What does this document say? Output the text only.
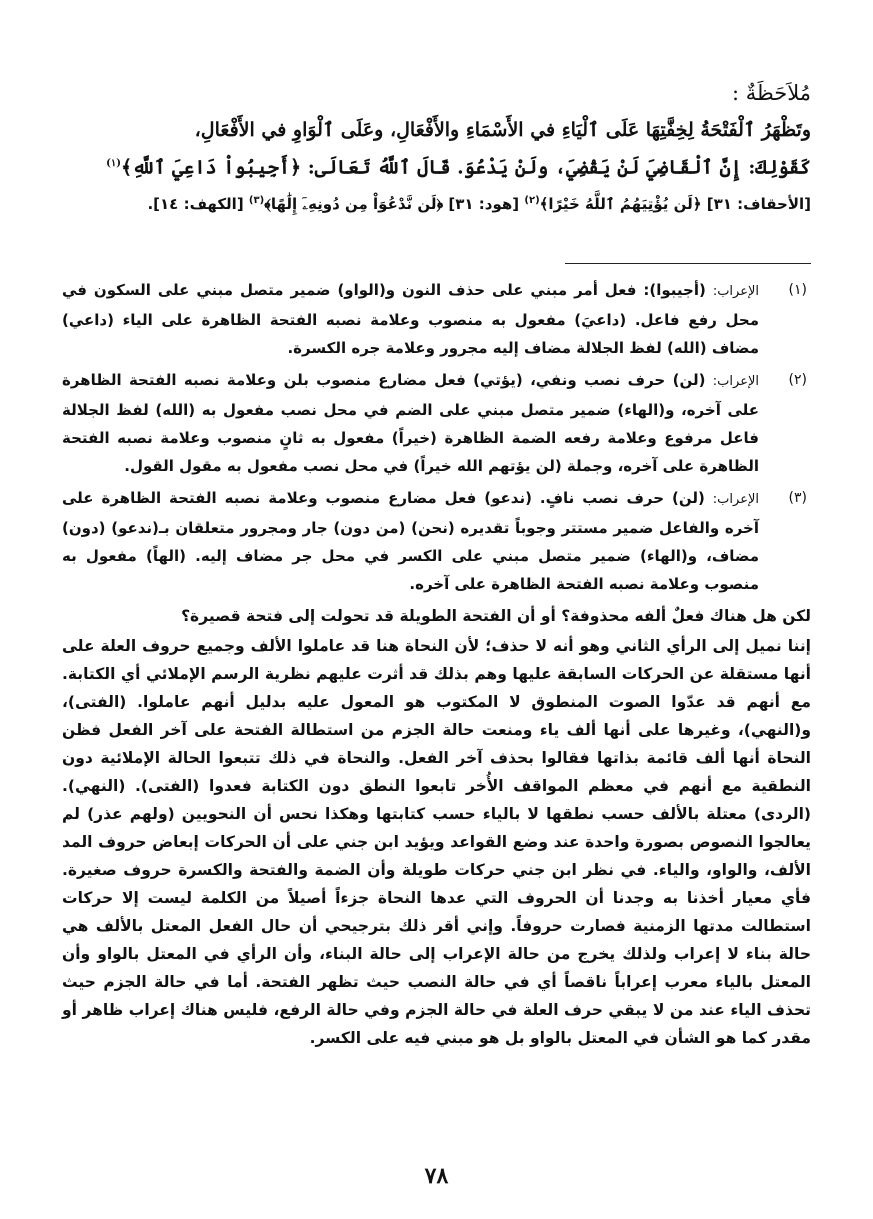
مُلاَحَظَةٌ :

وتَظْهَرُ ٱلْفَتْحَةُ لِخِفَّتِهَا عَلَى ٱلْيَاءِ في الأَسْمَاءِ والأَفْعَالِ، وعَلَى ٱلْوَاوِ في الأَفْعَالِ،

كَقَوْلِكَ: إِنَّ ٱلْقَاضِيَ لَنْ يَقْضِيَ، ولَنْ يَدْعُوَ. قَالَ ٱللَّهُ تَعَالَى: ﴿أَجِيبُواْ دَاعِيَ ٱللَّهِ﴾$^{(١)}$

[الأحقاف: ٣١] ﴿لَن يُؤْتِيَهُمُ ٱللَّهُ خَيْرًا﴾$^{(٢)}$ [هود: ٣١] ﴿لَن نَّدْعُوَاْ مِن دُونِهِۦٓ إِلَٰهًا﴾$^{(٣)}$ [الكهف: ١٤].
(١)
الإعراب: (أجيبوا): فعل أمر مبني على حذف النون و(الواو) ضمير متصل مبني على السكون في محل رفع فاعل. (داعيَ) مفعول به منصوب وعلامة نصبه الفتحة الظاهرة على الياء (داعي) مضاف (الله) لفظ الجلالة مضاف إليه مجرور وعلامة جره الكسرة.
(٢)
الإعراب: (لن) حرف نصب ونفي، (يؤتي) فعل مضارع منصوب بلن وعلامة نصبه الفتحة الظاهرة على آخره، و(الهاء) ضمير متصل مبني على الضم في محل نصب مفعول به (الله) لفظ الجلالة فاعل مرفوع وعلامة رفعه الضمة الظاهرة (خيراً) مفعول به ثانٍ منصوب وعلامة نصبه الفتحة الظاهرة على آخره، وجملة (لن يؤتهم الله خيراً) في محل نصب مفعول به مقول القول.
(٣)
الإعراب: (لن) حرف نصب نافٍ. (ندعو) فعل مضارع منصوب وعلامة نصبه الفتحة الظاهرة على آخره والفاعل ضمير مستتر وجوباً تقديره (نحن) (من دون) جار ومجرور متعلقان بـ(ندعو) (دون) مضاف، و(الهاء) ضمير متصل مبني على الكسر في محل جر مضاف إليه. (الهاً) مفعول به منصوب وعلامة نصبه الفتحة الظاهرة على آخره.

لكن هل هناك فعلٌ ألفه محذوفة؟ أو أن الفتحة الطويلة قد تحولت إلى فتحة قصيرة؟

إننا نميل إلى الرأي الثاني وهو أنه لا حذف؛ لأن النحاة هنا قد عاملوا الألف وجميع حروف العلة على أنها مستقلة عن الحركات السابقة عليها وهم بذلك قد أثرت عليهم نظرية الرسم الإملائي أي الكتابة. مع أنهم قد عدّوا الصوت المنطوق لا المكتوب هو المعول عليه بدليل أنهم عاملوا. (الفتى)، و(النهي)، وغيرها على أنها ألف ياء ومنعت حالة الجزم من استطالة الفتحة على آخر الفعل فظن النحاة أنها ألف قائمة بذاتها فقالوا بحذف آخر الفعل. والنحاة في ذلك تتبعوا الحالة الإملائية دون النطقية مع أنهم في معظم المواقف الأُخر تابعوا النطق دون الكتابة فعدوا (الفتى). (النهي). (الردى) معتلة بالألف حسب نطقها لا بالياء حسب كتابتها وهكذا نحس أن النحويين (ولهم عذر) لم يعالجوا النصوص بصورة واحدة عند وضع القواعد ويؤيد ابن جني على أن الحركات إبعاض حروف المد الألف، والواو، والياء. في نظر ابن جني حركات طويلة وأن الضمة والفتحة والكسرة حروف صغيرة. فأي معيار أخذنا به وجدنا أن الحروف التي عدها النحاة جزءاً أصيلاً من الكلمة ليست إلا حركات استطالت مدتها الزمنية فصارت حروفاً. وإني أقر ذلك بترجيحي أن حال الفعل المعتل بالألف هي حالة بناء لا إعراب ولذلك يخرج من حالة الإعراب إلى حالة البناء، وأن الرأي في المعتل بالواو وأن المعتل بالياء معرب إعراباً ناقصاً أي في حالة النصب حيث تظهر الفتحة. أما في حالة الجزم حيث تحذف الياء عند من لا يبقي حرف العلة في حالة الجزم وفي حالة الرفع، فليس هناك إعراب ظاهر أو مقدر كما هو الشأن في المعتل بالواو بل هو مبني فيه على الكسر.

٧٨
